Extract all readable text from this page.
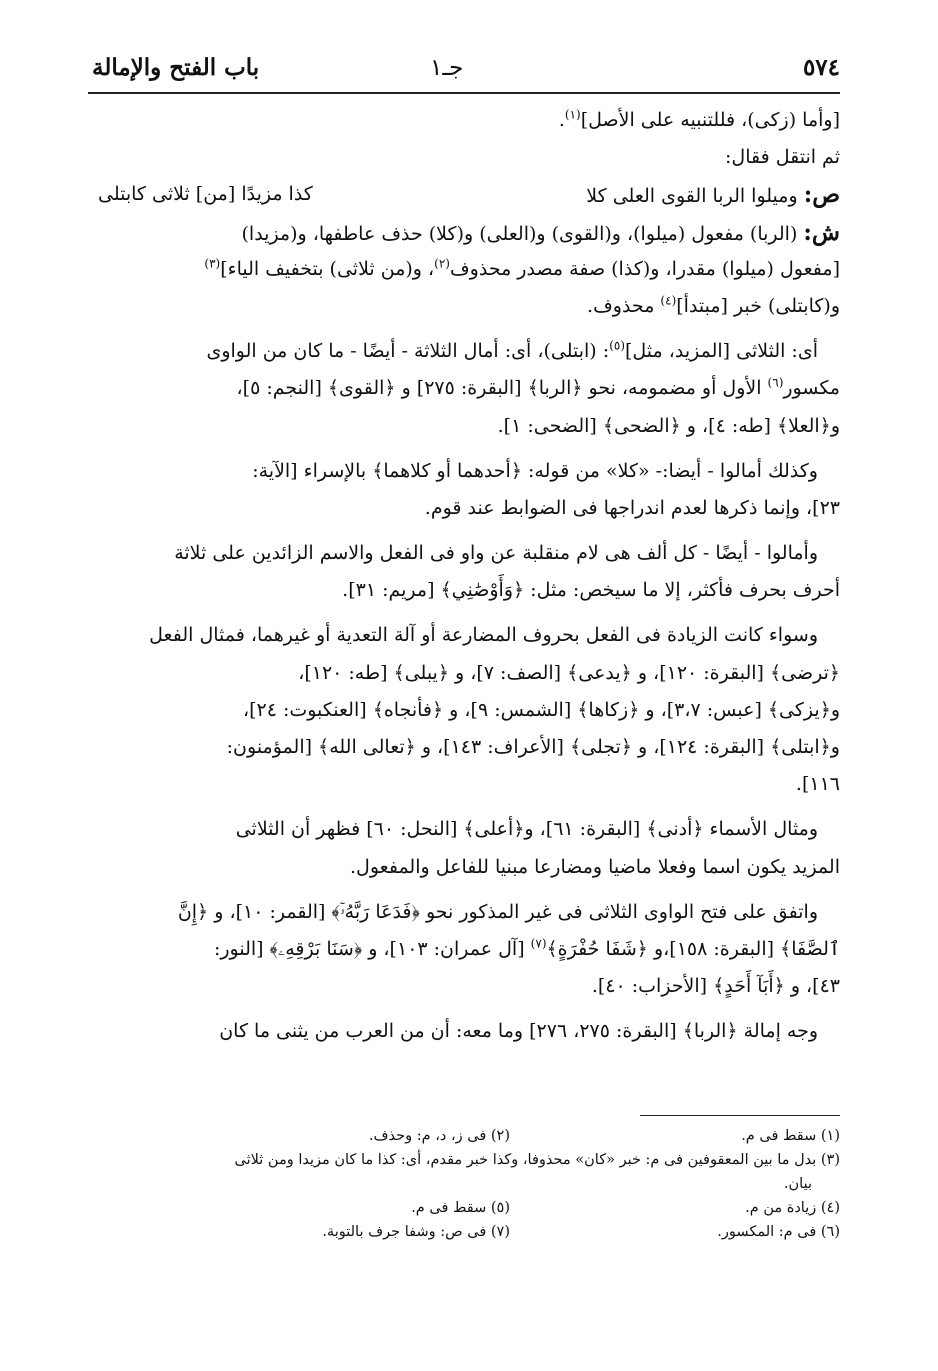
٥٧٤
جـ١
باب الفتح والإمالة
[وأما (زكى)، فللتنبيه على الأصل]$^{(١)}$.
ثم انتقل فقال:
ص: وميلوا الربا القوى العلى كلا
كذا مزيدًا [من] ثلاثى كابتلى
ش: (الربا) مفعول (ميلوا)، و(القوى) و(العلى) و(كلا) حذف عاطفها، و(مزيدا)
[مفعول (ميلوا) مقدرا، و(كذا) صفة مصدر محذوف$^{(٢)}$، و(من ثلاثى) بتخفيف الياء]$^{(٣)}$
و(كابتلى) خبر [مبتدأ]$^{(٤)}$ محذوف.
أى: الثلاثى [المزيد، مثل]$^{(٥)}$: (ابتلى)، أى: أمال الثلاثة - أيضًا - ما كان من الواوى
مكسور$^{(٦)}$ الأول أو مضمومه، نحو ﴿الربا﴾ [البقرة: ٢٧٥] و ﴿القوى﴾ [النجم: ٥]،
و﴿العلا﴾ [طه: ٤]، و ﴿الضحى﴾ [الضحى: ١].
وكذلك أمالوا - أيضا:- «كلا» من قوله: ﴿أحدهما أو كلاهما﴾ بالإسراء [الآية:
٢٣]، وإنما ذكرها لعدم اندراجها فى الضوابط عند قوم.
وأمالوا - أيضًا - كل ألف هى لام منقلبة عن واو فى الفعل والاسم الزائدين على ثلاثة
أحرف بحرف فأكثر، إلا ما سيخص: مثل: ﴿وَأَوْصَٰنِي﴾ [مريم: ٣١].
وسواء كانت الزيادة فى الفعل بحروف المضارعة أو آلة التعدية أو غيرهما، فمثال الفعل
﴿ترضى﴾ [البقرة: ١٢٠]، و ﴿يدعى﴾ [الصف: ٧]، و ﴿يبلى﴾ [طه: ١٢٠]،
و﴿يزكى﴾ [عبس: ٣،٧]، و ﴿زكاها﴾ [الشمس: ٩]، و ﴿فأنجاه﴾ [العنكبوت: ٢٤]،
و﴿ابتلى﴾ [البقرة: ١٢٤]، و ﴿تجلى﴾ [الأعراف: ١٤٣]، و ﴿تعالى الله﴾ [المؤمنون:
١١٦].
ومثال الأسماء ﴿أدنى﴾ [البقرة: ٦١]، و﴿أعلى﴾ [النحل: ٦٠] فظهر أن الثلاثى
المزيد يكون اسما وفعلا ماضيا ومضارعا مبنيا للفاعل والمفعول.
واتفق على فتح الواوى الثلاثى فى غير المذكور نحو ﴿فَدَعَا رَبَّهُۥٓ﴾ [القمر: ١٠]، و ﴿إِنَّ
ٱلصَّفَا﴾ [البقرة: ١٥٨]،و ﴿شَفَا حُفْرَةٍ﴾$^{(٧)}$ [آل عمران: ١٠٣]، و ﴿سَنَا بَرْقِهِۦ﴾ [النور:
٤٣]، و ﴿أَبَآ أَحَدٍ﴾ [الأحزاب: ٤٠].
وجه إمالة ﴿الربا﴾ [البقرة: ٢٧٥، ٢٧٦] وما معه: أن من العرب من يثنى ما كان
(١) سقط فى م.
(٢) فى ز، د، م: وحذف.
(٣) بدل ما بين المعقوفين فى م: خبر «كان» محذوفا، وكذا خبر مقدم، أى: كذا ما كان مزيدا ومن ثلاثى
بيان.
(٤) زيادة من م.
(٥) سقط فى م.
(٦) فى م: المكسور.
(٧) فى ص: وشفا جرف بالتوبة.
